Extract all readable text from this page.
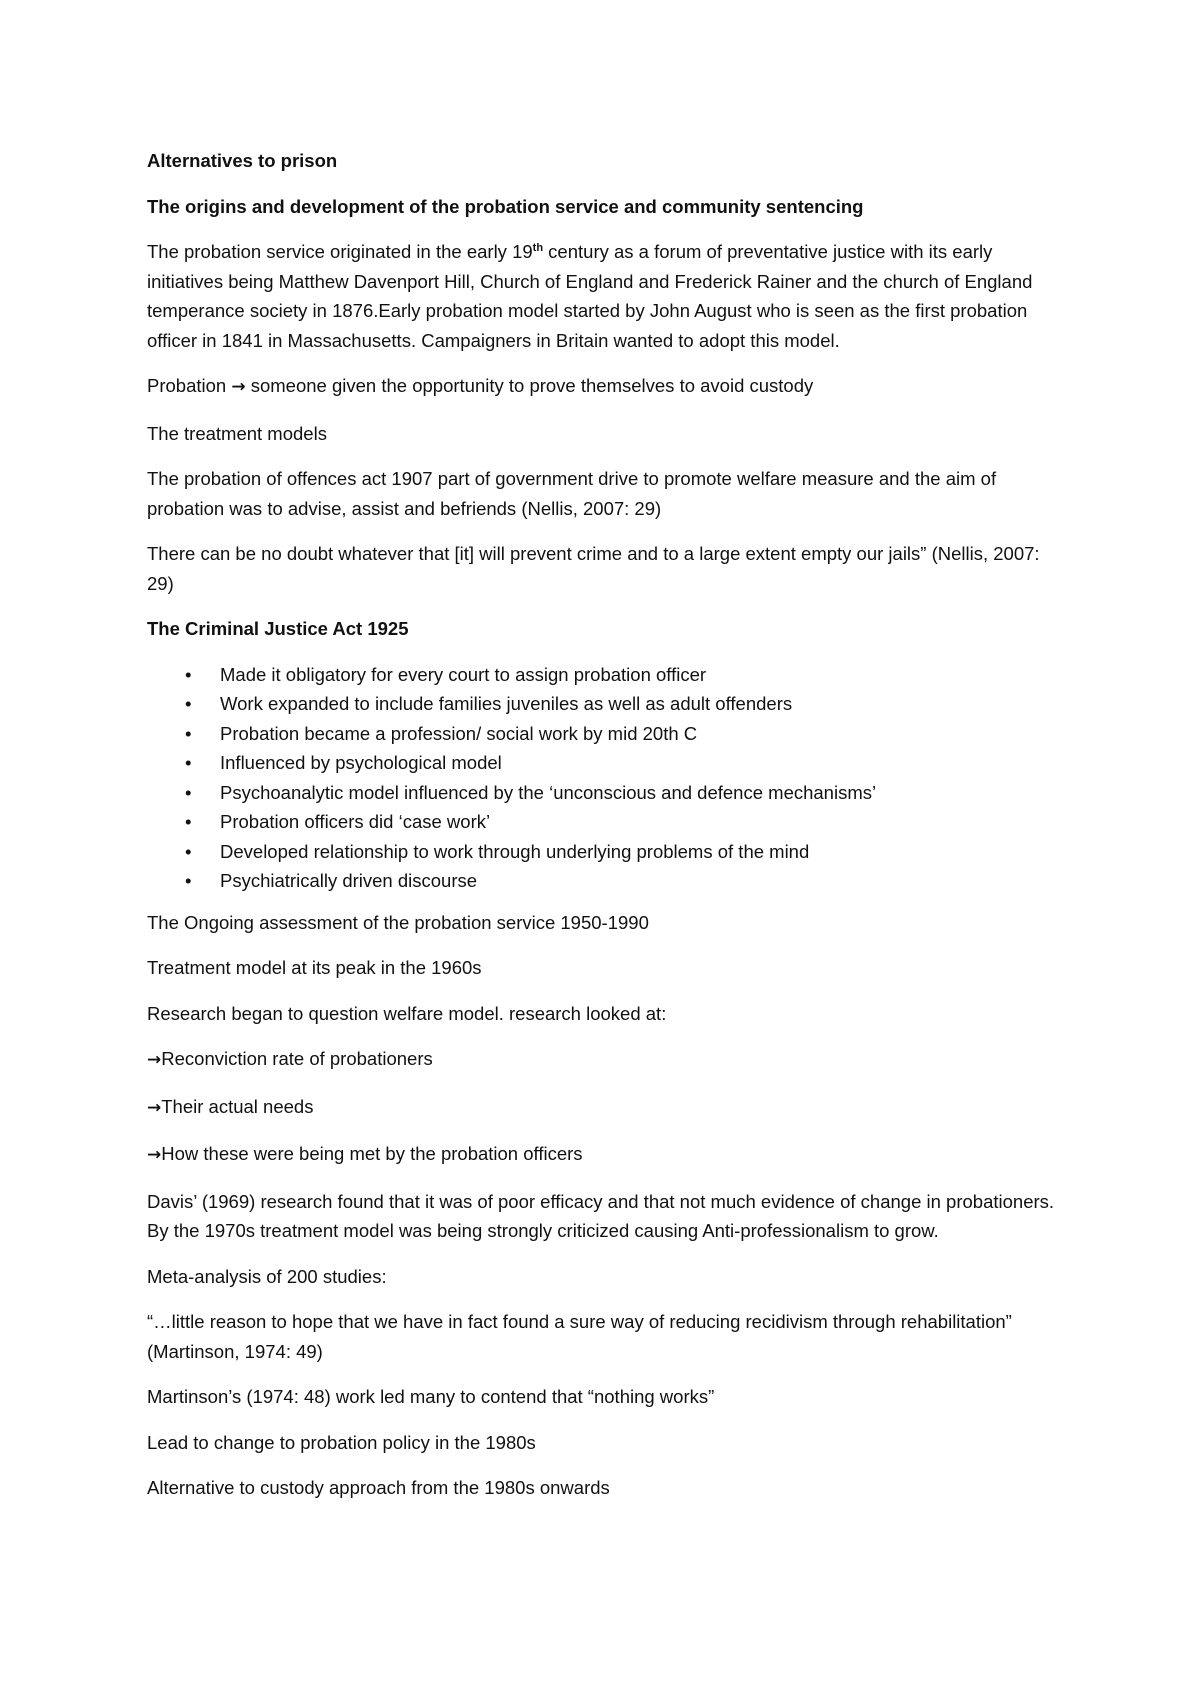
Alternatives to prison

The origins and development of the probation service and community sentencing

The probation service originated in the early 19th century as a forum of preventative justice with its early initiatives being Matthew Davenport Hill, Church of England and Frederick Rainer and the church of England temperance society in 1876.Early probation model started by John August who is seen as the first probation officer in 1841 in Massachusetts. Campaigners in Britain wanted to adopt this model.

Probation → someone given the opportunity to prove themselves to avoid custody

The treatment models

The probation of offences act 1907 part of government drive to promote welfare measure and the aim of probation was to advise, assist and befriends (Nellis, 2007: 29)

There can be no doubt whatever that [it] will prevent crime and to a large extent empty our jails” (Nellis, 2007: 29)

The Criminal Justice Act 1925

• Made it obligatory for every court to assign probation officer
• Work expanded to include families juveniles as well as adult offenders
• Probation became a profession/ social work by mid 20th C
• Influenced by psychological model
• Psychoanalytic model influenced by the ‘unconscious and defence mechanisms’
• Probation officers did ‘case work’
• Developed relationship to work through underlying problems of the mind
• Psychiatrically driven discourse

The Ongoing assessment of the probation service 1950-1990

Treatment model at its peak in the 1960s

Research began to question welfare model. research looked at:

→Reconviction rate of probationers

→Their actual needs

→How these were being met by the probation officers

Davis’ (1969) research found that it was of poor efficacy and that not much evidence of change in probationers. By the 1970s treatment model was being strongly criticized causing Anti-professionalism to grow.

Meta-analysis of 200 studies:

“…little reason to hope that we have in fact found a sure way of reducing recidivism through rehabilitation” (Martinson, 1974: 49)

Martinson’s (1974: 48) work led many to contend that “nothing works”

Lead to change to probation policy in the 1980s

Alternative to custody approach from the 1980s onwards
